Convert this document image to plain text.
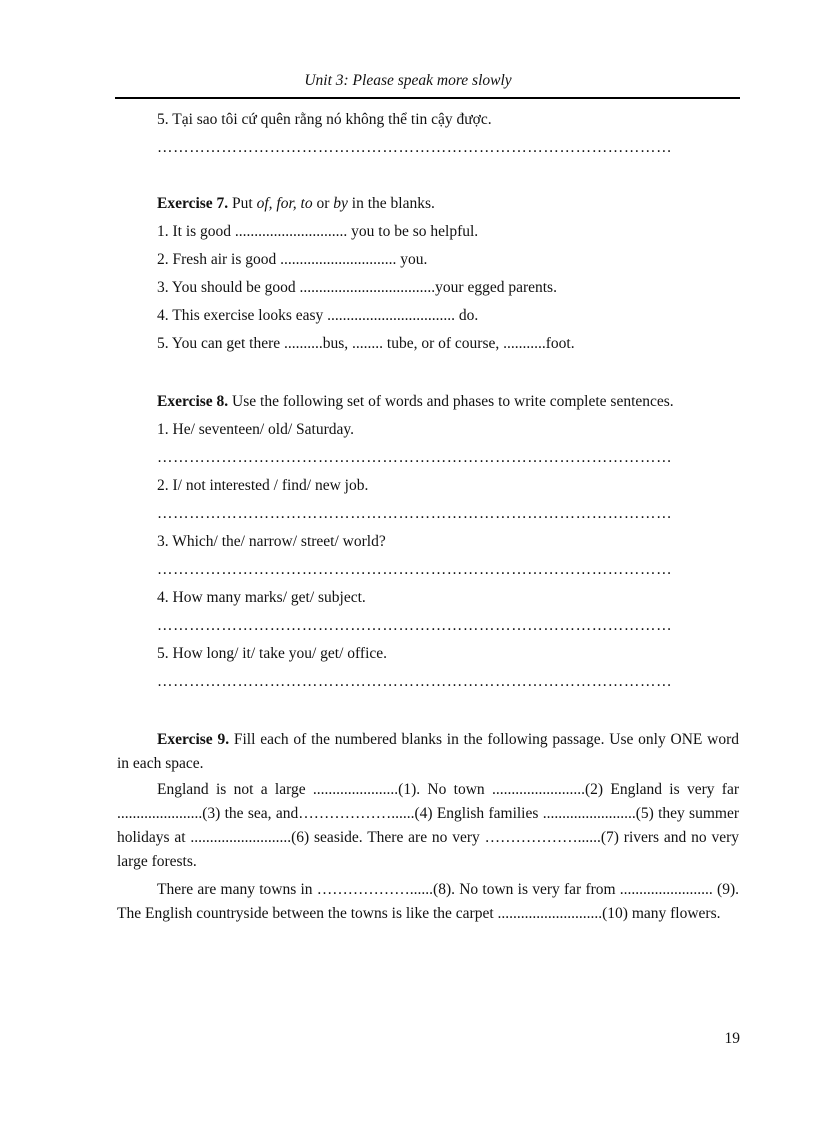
Unit 3: Please speak more slowly
5. Tại sao tôi cứ quên rằng nó không thể tin cậy được.
……………………………………………………………………………………
Exercise 7. Put of, for, to or by in the blanks.
1. It is good ............................. you to be so helpful.
2. Fresh air is good .............................. you.
3. You should be good ...................................your egged parents.
4. This exercise looks easy ................................. do.
5. You can get there ..........bus, ........ tube, or of course, ...........foot.
Exercise 8. Use the following set of words and phases to write complete sentences.
1. He/ seventeen/ old/ Saturday.
……………………………………………………………………………………
2. I/ not interested / find/ new job.
……………………………………………………………………………………
3. Which/ the/ narrow/ street/ world?
……………………………………………………………………………………
4. How many marks/ get/ subject.
……………………………………………………………………………………
5. How long/ it/ take you/ get/ office.
……………………………………………………………………………………
Exercise 9. Fill each of the numbered blanks in the following passage. Use only ONE word in each space.

England is not a large ......................(1). No town ........................(2) England is very far ......................(3) the sea, and………………......(4) English families ........................(5) they summer holidays at ..........................(6) seaside. There are no very ………………......(7) rivers and no very large forests.

There are many towns in ………………......(8). No town is very far from ........................ (9). The English countryside between the towns is like the carpet ...........................(10) many flowers.

19
